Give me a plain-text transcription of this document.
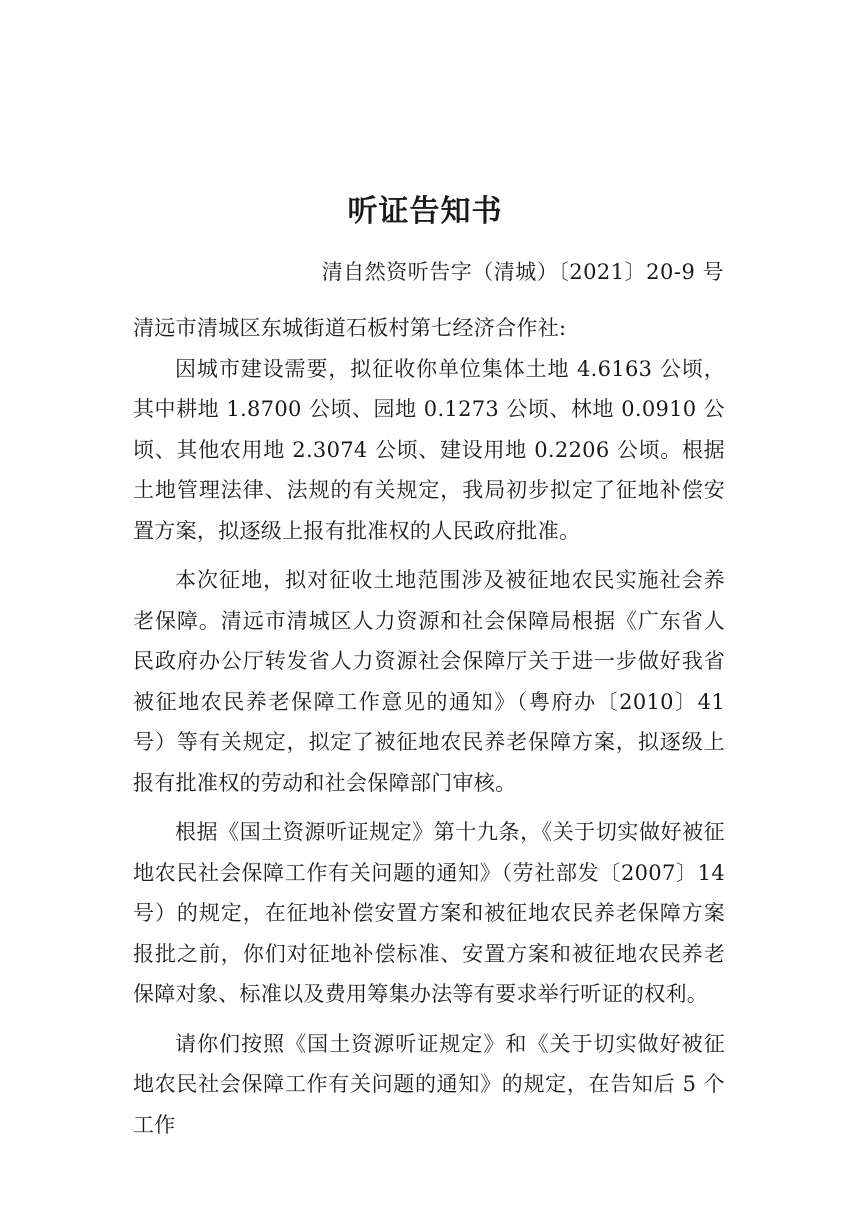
听证告知书
清自然资听告字（清城）〔2021〕20-9 号

清远市清城区东城街道石板村第七经济合作社:

因城市建设需要，拟征收你单位集体土地 4.6163 公顷，其中耕地 1.8700 公顷、园地 0.1273 公顷、林地 0.0910 公顷、其他农用地 2.3074 公顷、建设用地 0.2206 公顷。根据土地管理法律、法规的有关规定，我局初步拟定了征地补偿安置方案，拟逐级上报有批准权的人民政府批准。

本次征地，拟对征收土地范围涉及被征地农民实施社会养老保障。清远市清城区人力资源和社会保障局根据《广东省人民政府办公厅转发省人力资源社会保障厅关于进一步做好我省被征地农民养老保障工作意见的通知》（粤府办〔2010〕41 号）等有关规定，拟定了被征地农民养老保障方案，拟逐级上报有批准权的劳动和社会保障部门审核。

根据《国土资源听证规定》第十九条，《关于切实做好被征地农民社会保障工作有关问题的通知》（劳社部发〔2007〕14 号）的规定，在征地补偿安置方案和被征地农民养老保障方案报批之前，你们对征地补偿标准、安置方案和被征地农民养老保障对象、标准以及费用筹集办法等有要求举行听证的权利。

请你们按照《国土资源听证规定》和《关于切实做好被征地农民社会保障工作有关问题的通知》的规定，在告知后 5 个工作
